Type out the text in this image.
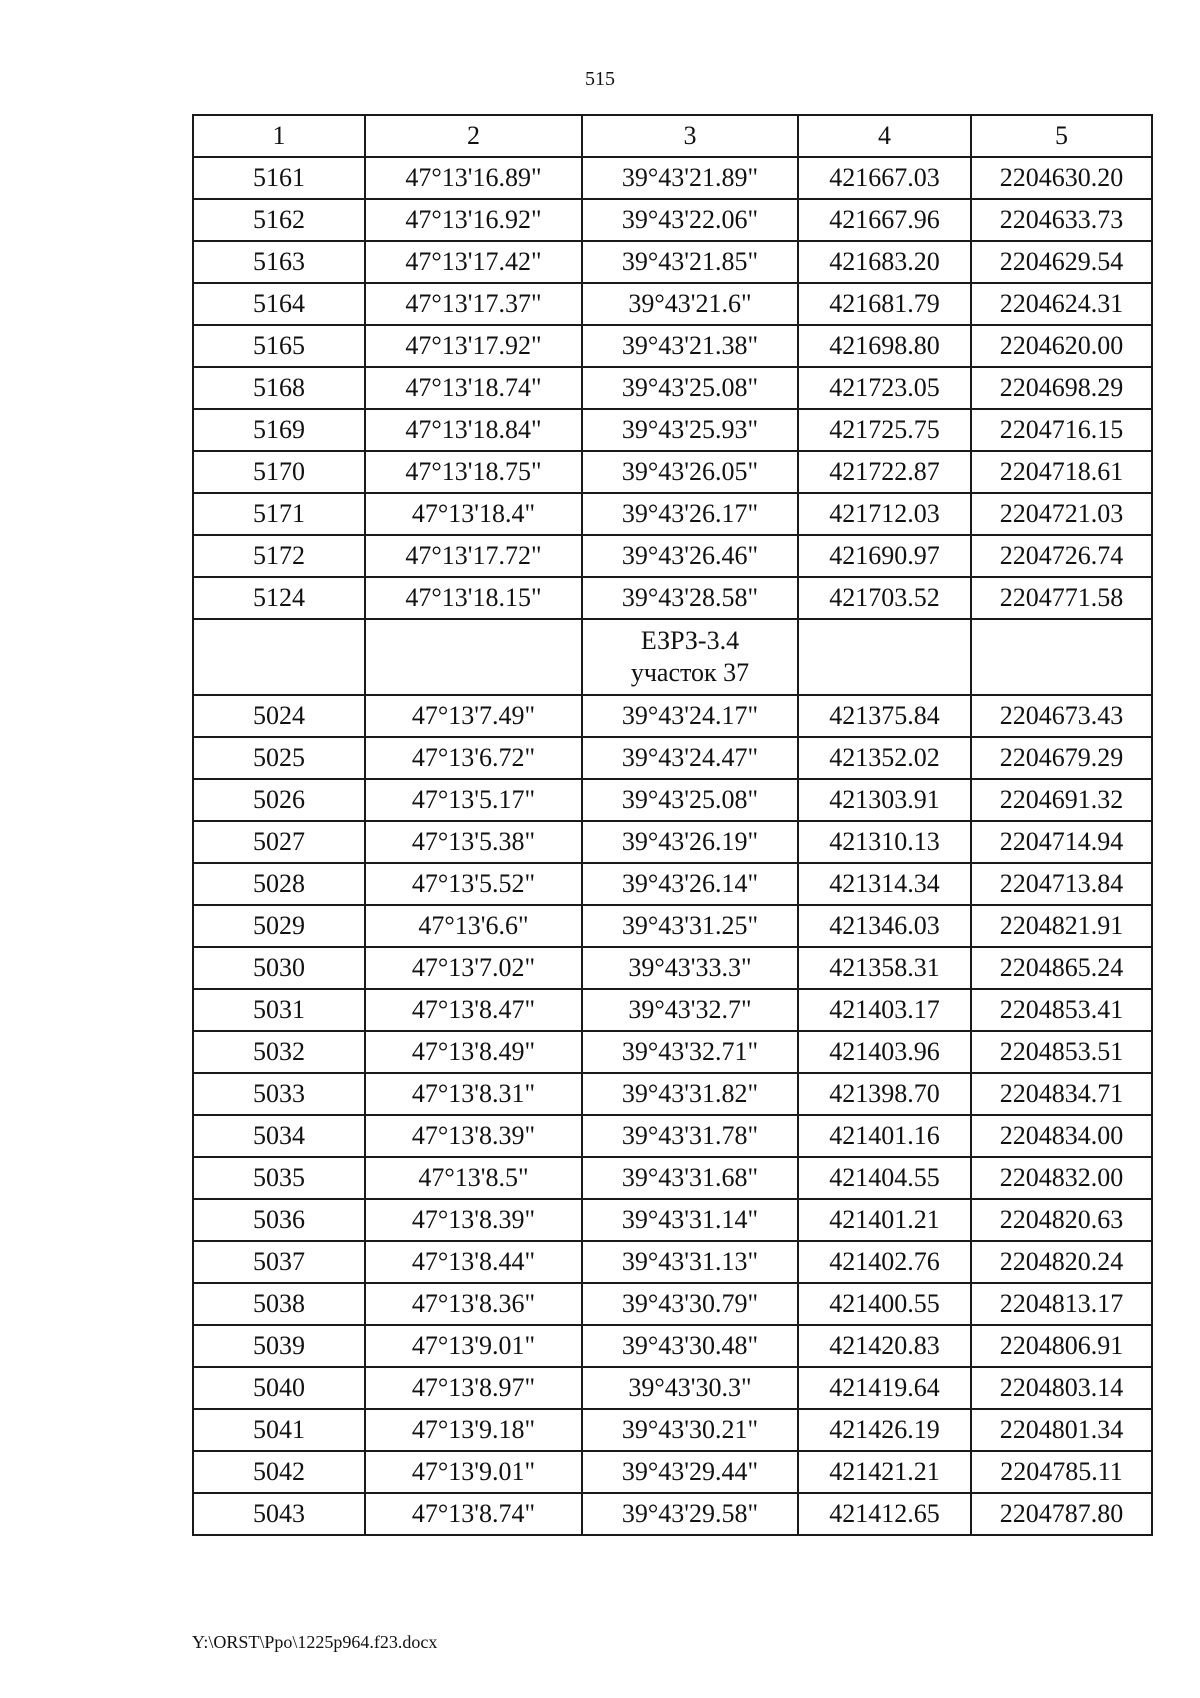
515
1	2	3	4	5
5161	47°13'16.89"	39°43'21.89"	421667.03	2204630.20
5162	47°13'16.92"	39°43'22.06"	421667.96	2204633.73
5163	47°13'17.42"	39°43'21.85"	421683.20	2204629.54
5164	47°13'17.37"	39°43'21.6"	421681.79	2204624.31
5165	47°13'17.92"	39°43'21.38"	421698.80	2204620.00
5168	47°13'18.74"	39°43'25.08"	421723.05	2204698.29
5169	47°13'18.84"	39°43'25.93"	421725.75	2204716.15
5170	47°13'18.75"	39°43'26.05"	421722.87	2204718.61
5171	47°13'18.4"	39°43'26.17"	421712.03	2204721.03
5172	47°13'17.72"	39°43'26.46"	421690.97	2204726.74
5124	47°13'18.15"	39°43'28.58"	421703.52	2204771.58

		ЕЗРЗ-3.4
участок 37		

5024	47°13'7.49"	39°43'24.17"	421375.84	2204673.43
5025	47°13'6.72"	39°43'24.47"	421352.02	2204679.29
5026	47°13'5.17"	39°43'25.08"	421303.91	2204691.32
5027	47°13'5.38"	39°43'26.19"	421310.13	2204714.94
5028	47°13'5.52"	39°43'26.14"	421314.34	2204713.84
5029	47°13'6.6"	39°43'31.25"	421346.03	2204821.91
5030	47°13'7.02"	39°43'33.3"	421358.31	2204865.24
5031	47°13'8.47"	39°43'32.7"	421403.17	2204853.41
5032	47°13'8.49"	39°43'32.71"	421403.96	2204853.51
5033	47°13'8.31"	39°43'31.82"	421398.70	2204834.71
5034	47°13'8.39"	39°43'31.78"	421401.16	2204834.00
5035	47°13'8.5"	39°43'31.68"	421404.55	2204832.00
5036	47°13'8.39"	39°43'31.14"	421401.21	2204820.63
5037	47°13'8.44"	39°43'31.13"	421402.76	2204820.24
5038	47°13'8.36"	39°43'30.79"	421400.55	2204813.17
5039	47°13'9.01"	39°43'30.48"	421420.83	2204806.91
5040	47°13'8.97"	39°43'30.3"	421419.64	2204803.14
5041	47°13'9.18"	39°43'30.21"	421426.19	2204801.34
5042	47°13'9.01"	39°43'29.44"	421421.21	2204785.11
5043	47°13'8.74"	39°43'29.58"	421412.65	2204787.80
Y:\ORST\Ppo\1225p964.f23.docx
